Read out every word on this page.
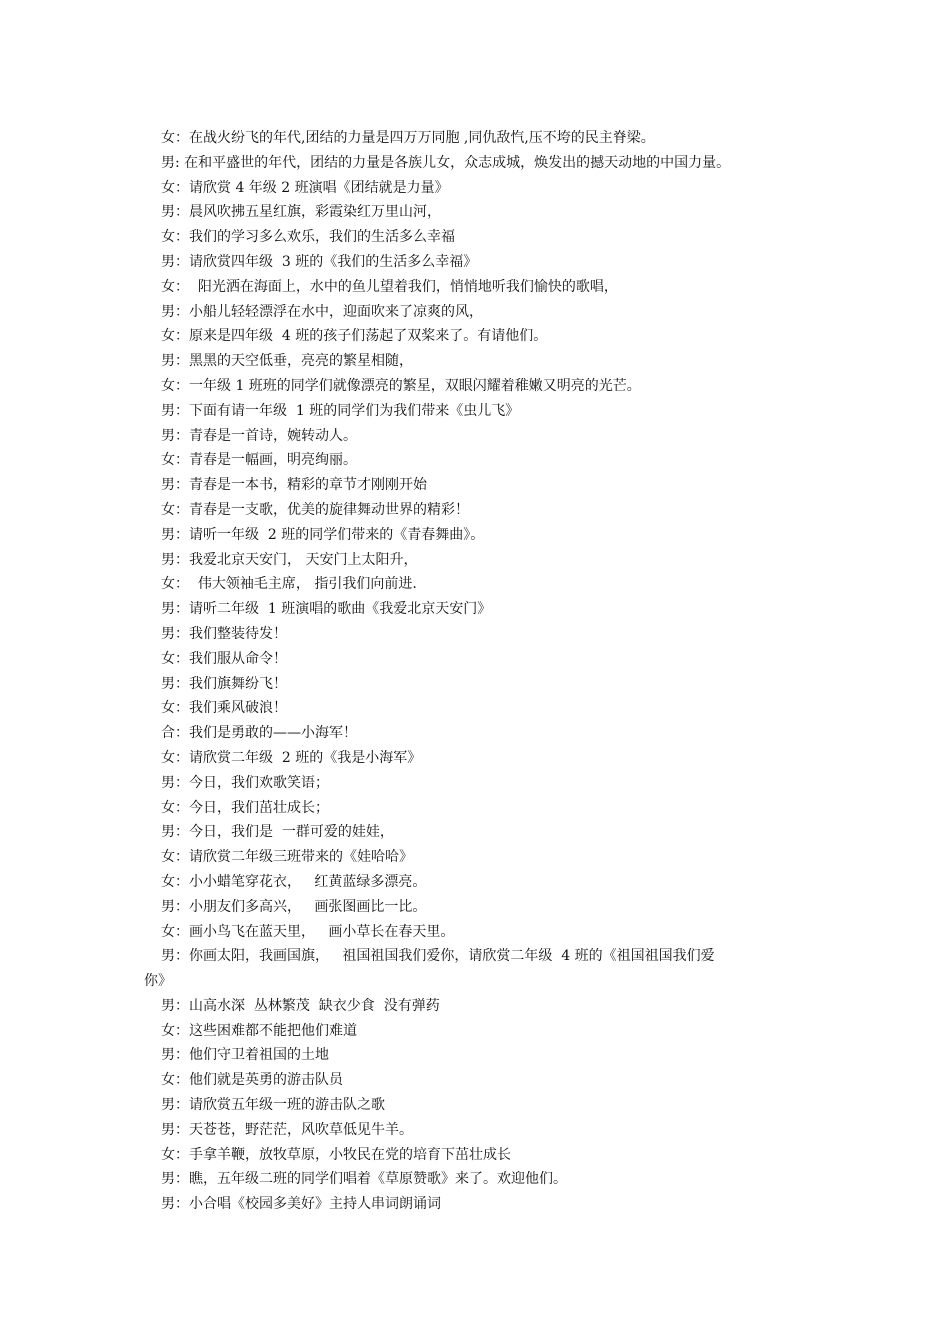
女：在战火纷飞的年代,团结的力量是四万万同胞 ,同仇敌忾,压不垮的民主脊梁。
男: 在和平盛世的年代，团结的力量是各族儿女，众志成城，焕发出的撼天动地的中国力量。
女：请欣赏 4 年级 2 班演唱《团结就是力量》
男：晨风吹拂五星红旗，彩霞染红万里山河，
女：我们的学习多么欢乐，我们的生活多么幸福
男：请欣赏四年级  3 班的《我们的生活多么幸福》
女：  阳光洒在海面上，水中的鱼儿望着我们，悄悄地听我们愉快的歌唱，
男：小船儿轻轻漂浮在水中，迎面吹来了凉爽的风，
女：原来是四年级  4 班的孩子们荡起了双桨来了。有请他们。
男：黑黑的天空低垂，亮亮的繁星相随，
女：一年级 1 班班的同学们就像漂亮的繁星，双眼闪耀着稚嫩又明亮的光芒。
男：下面有请一年级  1 班的同学们为我们带来《虫儿飞》
男：青春是一首诗，婉转动人。
女：青春是一幅画，明亮绚丽。
男：青春是一本书，精彩的章节才刚刚开始
女：青春是一支歌，优美的旋律舞动世界的精彩！
男：请听一年级  2 班的同学们带来的《青春舞曲》。
男：我爱北京天安门， 天安门上太阳升，
女：  伟大领袖毛主席， 指引我们向前进.
男：请听二年级  1 班演唱的歌曲《我爱北京天安门》
男：我们整装待发！
女：我们服从命令！
男：我们旗舞纷飞！
女：我们乘风破浪！
合：我们是勇敢的——小海军！
女：请欣赏二年级  2 班的《我是小海军》
男：今日，我们欢歌笑语；
女：今日，我们茁壮成长；
男：今日，我们是  一群可爱的娃娃，
女：请欣赏二年级三班带来的《娃哈哈》
女：小小蜡笔穿花衣，   红黄蓝绿多漂亮。
男：小朋友们多高兴，   画张图画比一比。
女：画小鸟飞在蓝天里，   画小草长在春天里。
男：你画太阳，我画国旗，   祖国祖国我们爱你，请欣赏二年级  4 班的《祖国祖国我们爱
你》
男：山高水深  丛林繁茂  缺衣少食  没有弹药
女：这些困难都不能把他们难道
男：他们守卫着祖国的土地
女：他们就是英勇的游击队员
男：请欣赏五年级一班的游击队之歌
男：天苍苍，野茫茫，风吹草低见牛羊。
女：手拿羊鞭，放牧草原，小牧民在党的培育下茁壮成长
男：瞧，五年级二班的同学们唱着《草原赞歌》来了。欢迎他们。
男：小合唱《校园多美好》主持人串词朗诵词
